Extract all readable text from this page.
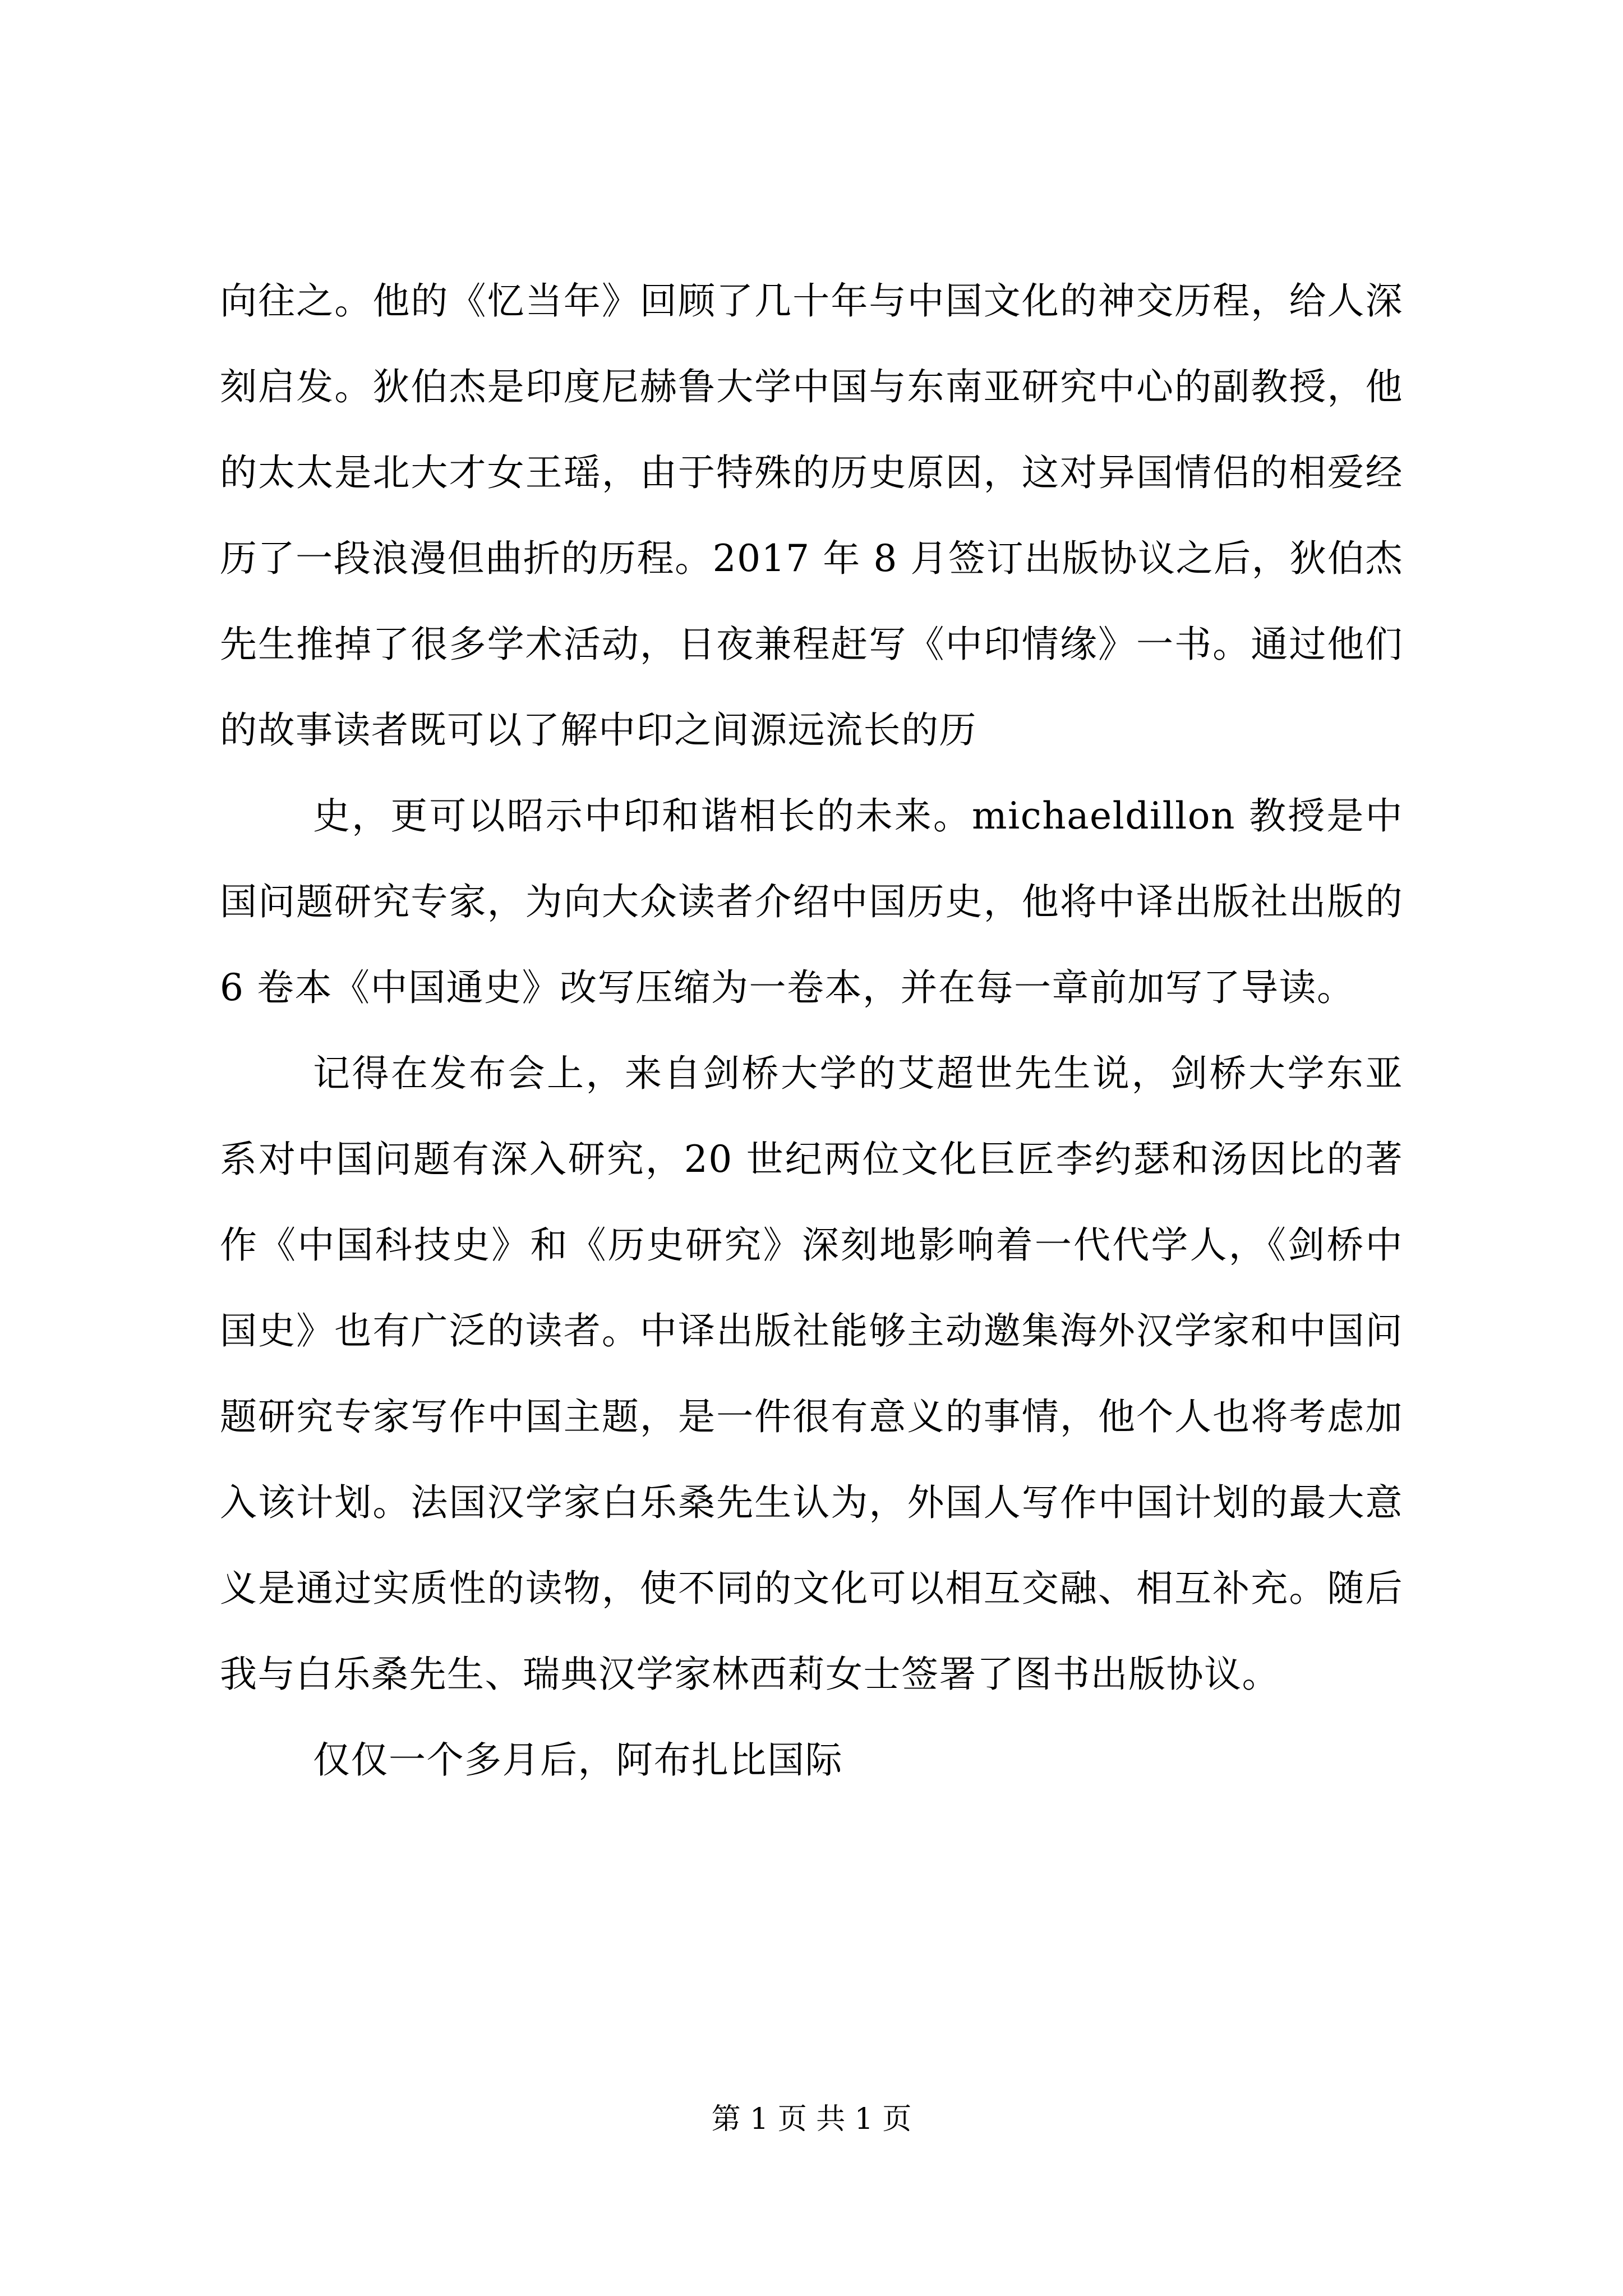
向往之。他的《忆当年》回顾了几十年与中国文化的神交历程，给人深刻启发。狄伯杰是印度尼赫鲁大学中国与东南亚研究中心的副教授，他的太太是北大才女王瑶，由于特殊的历史原因，这对异国情侣的相爱经历了一段浪漫但曲折的历程。2017 年 8 月签订出版协议之后，狄伯杰先生推掉了很多学术活动，日夜兼程赶写《中印情缘》一书。通过他们的故事读者既可以了解中印之间源远流长的历

史，更可以昭示中印和谐相长的未来。michaeldillon 教授是中国问题研究专家，为向大众读者介绍中国历史，他将中译出版社出版的 6 卷本《中国通史》改写压缩为一卷本，并在每一章前加写了导读。

记得在发布会上，来自剑桥大学的艾超世先生说，剑桥大学东亚系对中国问题有深入研究，20 世纪两位文化巨匠李约瑟和汤因比的著作《中国科技史》和《历史研究》深刻地影响着一代代学人，《剑桥中国史》也有广泛的读者。中译出版社能够主动邀集海外汉学家和中国问题研究专家写作中国主题，是一件很有意义的事情，他个人也将考虑加入该计划。法国汉学家白乐桑先生认为，外国人写作中国计划的最大意义是通过实质性的读物，使不同的文化可以相互交融、相互补充。随后我与白乐桑先生、瑞典汉学家林西莉女士签署了图书出版协议。

仅仅一个多月后，阿布扎比国际

第 1 页 共 1 页
